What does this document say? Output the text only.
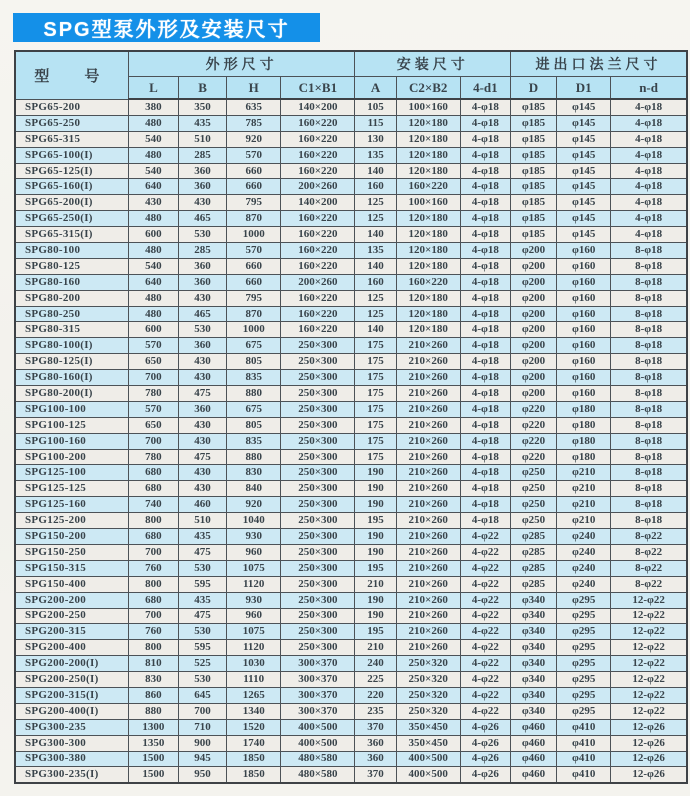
SPG型泵外形及安装尺寸
型　号	外形尺寸				安装尺寸			进出口法兰尺寸		
	L	B	H	C1×B1	A	C2×B2	4-d1	D	D1	n-d
SPG65-200	380	350	635	140×200	105	100×160	4-φ18	φ185	φ145	4-φ18
SPG65-250	480	435	785	160×220	115	120×180	4-φ18	φ185	φ145	4-φ18
SPG65-315	540	510	920	160×220	130	120×180	4-φ18	φ185	φ145	4-φ18
SPG65-100(I)	480	285	570	160×220	135	120×180	4-φ18	φ185	φ145	4-φ18
SPG65-125(I)	540	360	660	160×220	140	120×180	4-φ18	φ185	φ145	4-φ18
SPG65-160(I)	640	360	660	200×260	160	160×220	4-φ18	φ185	φ145	4-φ18
SPG65-200(I)	430	430	795	140×200	125	100×160	4-φ18	φ185	φ145	4-φ18
SPG65-250(I)	480	465	870	160×220	125	120×180	4-φ18	φ185	φ145	4-φ18
SPG65-315(I)	600	530	1000	160×220	140	120×180	4-φ18	φ185	φ145	4-φ18
SPG80-100	480	285	570	160×220	135	120×180	4-φ18	φ200	φ160	8-φ18
SPG80-125	540	360	660	160×220	140	120×180	4-φ18	φ200	φ160	8-φ18
SPG80-160	640	360	660	200×260	160	160×220	4-φ18	φ200	φ160	8-φ18
SPG80-200	480	430	795	160×220	125	120×180	4-φ18	φ200	φ160	8-φ18
SPG80-250	480	465	870	160×220	125	120×180	4-φ18	φ200	φ160	8-φ18
SPG80-315	600	530	1000	160×220	140	120×180	4-φ18	φ200	φ160	8-φ18
SPG80-100(I)	570	360	675	250×300	175	210×260	4-φ18	φ200	φ160	8-φ18
SPG80-125(I)	650	430	805	250×300	175	210×260	4-φ18	φ200	φ160	8-φ18
SPG80-160(I)	700	430	835	250×300	175	210×260	4-φ18	φ200	φ160	8-φ18
SPG80-200(I)	780	475	880	250×300	175	210×260	4-φ18	φ200	φ160	8-φ18
SPG100-100	570	360	675	250×300	175	210×260	4-φ18	φ220	φ180	8-φ18
SPG100-125	650	430	805	250×300	175	210×260	4-φ18	φ220	φ180	8-φ18
SPG100-160	700	430	835	250×300	175	210×260	4-φ18	φ220	φ180	8-φ18
SPG100-200	780	475	880	250×300	175	210×260	4-φ18	φ220	φ180	8-φ18
SPG125-100	680	430	830	250×300	190	210×260	4-φ18	φ250	φ210	8-φ18
SPG125-125	680	430	840	250×300	190	210×260	4-φ18	φ250	φ210	8-φ18
SPG125-160	740	460	920	250×300	190	210×260	4-φ18	φ250	φ210	8-φ18
SPG125-200	800	510	1040	250×300	195	210×260	4-φ18	φ250	φ210	8-φ18
SPG150-200	680	435	930	250×300	190	210×260	4-φ22	φ285	φ240	8-φ22
SPG150-250	700	475	960	250×300	190	210×260	4-φ22	φ285	φ240	8-φ22
SPG150-315	760	530	1075	250×300	195	210×260	4-φ22	φ285	φ240	8-φ22
SPG150-400	800	595	1120	250×300	210	210×260	4-φ22	φ285	φ240	8-φ22
SPG200-200	680	435	930	250×300	190	210×260	4-φ22	φ340	φ295	12-φ22
SPG200-250	700	475	960	250×300	190	210×260	4-φ22	φ340	φ295	12-φ22
SPG200-315	760	530	1075	250×300	195	210×260	4-φ22	φ340	φ295	12-φ22
SPG200-400	800	595	1120	250×300	210	210×260	4-φ22	φ340	φ295	12-φ22
SPG200-200(I)	810	525	1030	300×370	240	250×320	4-φ22	φ340	φ295	12-φ22
SPG200-250(I)	830	530	1110	300×370	225	250×320	4-φ22	φ340	φ295	12-φ22
SPG200-315(I)	860	645	1265	300×370	220	250×320	4-φ22	φ340	φ295	12-φ22
SPG200-400(I)	880	700	1340	300×370	235	250×320	4-φ22	φ340	φ295	12-φ22
SPG300-235	1300	710	1520	400×500	370	350×450	4-φ26	φ460	φ410	12-φ26
SPG300-300	1350	900	1740	400×500	360	350×450	4-φ26	φ460	φ410	12-φ26
SPG300-380	1500	945	1850	480×580	360	400×500	4-φ26	φ460	φ410	12-φ26
SPG300-235(I)	1500	950	1850	480×580	370	400×500	4-φ26	φ460	φ410	12-φ26
